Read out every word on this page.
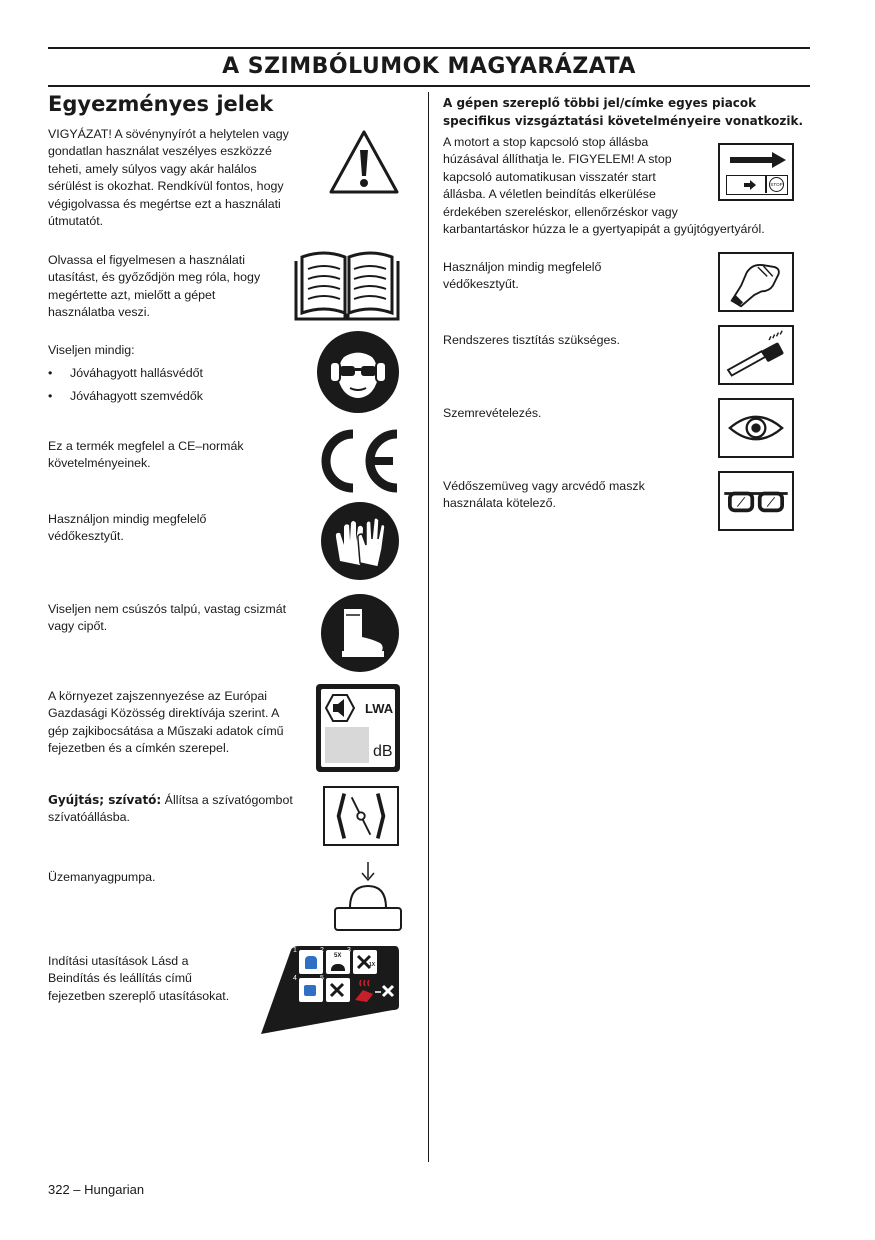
A SZIMBÓLUMOK MAGYARÁZATA
Egyezményes jelek
VIGYÁZAT! A sövénynyírót a helytelen vagy
gondatlan használat veszélyes eszközzé
teheti, amely súlyos vagy akár halálos
sérülést is okozhat. Rendkívül fontos, hogy
végigolvassa és megértse ezt a használati
útmutatót.
Olvassa el figyelmesen a használati
utasítást, és győződjön meg róla, hogy
megértette azt, mielőtt a gépet
használatba veszi.
Viseljen mindig:
• Jóváhagyott hallásvédőt
• Jóváhagyott szemvédők
Ez a termék megfelel a CE–normák
követelményeinek.
Használjon mindig megfelelő
védőkesztyűt.
Viseljen nem csúszós talpú, vastag csizmát
vagy cipőt.
A környezet zajszennyezése az Európai
Gazdasági Közösség direktívája szerint. A
gép zajkibocsátása a Műszaki adatok című
fejezetben és a címkén szerepel.
LWA
dB
Gyújtás; szívató: Állítsa a szívatógombot
szívatóállásba.
Üzemanyagpumpa.
Indítási utasítások Lásd a
Beindítás és leállítás című
fejezetben szereplő utasításokat.
1	2
5X
3
1X
4	5
A gépen szereplő többi jel/címke egyes piacok
specifikus vizsgáztatási követelményeire vonatkozik.
A motort a stop kapcsoló stop állásba
húzásával állíthatja le. FIGYELEM! A stop
kapcsoló automatikusan visszatér start
állásba. A véletlen beindítás elkerülése
érdekében szereléskor, ellenőrzéskor vagy
karbantartáskor húzza le a gyertyapipát a gyújtógyertyáról.
STOP
Használjon mindig megfelelő
védőkesztyűt.
Rendszeres tisztítás szükséges.
Szemrevételezés.
Védőszemüveg vagy arcvédő maszk
használata kötelező.
322 – Hungarian
